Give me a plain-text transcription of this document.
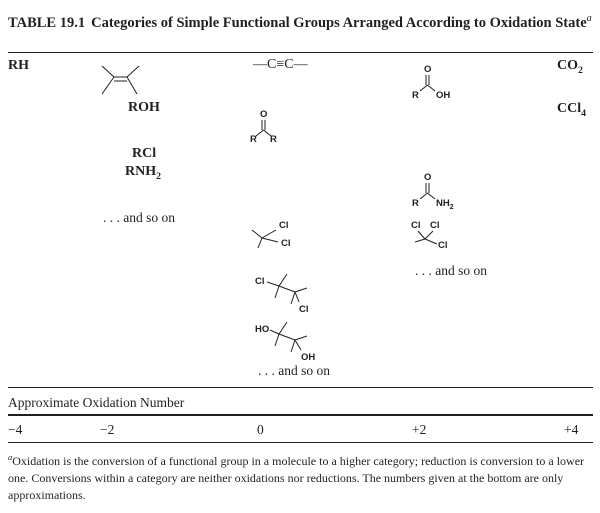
TABLE 19.1 Categories of Simple Functional Groups Arranged According to Oxidation State$^a$
RH
ROH
RCl
$RNH_2$
. . . and so on
—C≡C—
O
R R
Cl
Cl
Cl
Cl
HO
OH
. . . and so on
O
R OH
O
R $NH_2$
Cl Cl
Cl
. . . and so on
$CO_2$
CCl$_4$
Approximate Oxidation Number
−4	−2	0	+2	+4
$^a$Oxidation is the conversion of a functional group in a molecule to a higher category; reduction is conversion to a lower one. Conversions within a category are neither oxidations nor reductions. The numbers given at the bottom are only approximations.
